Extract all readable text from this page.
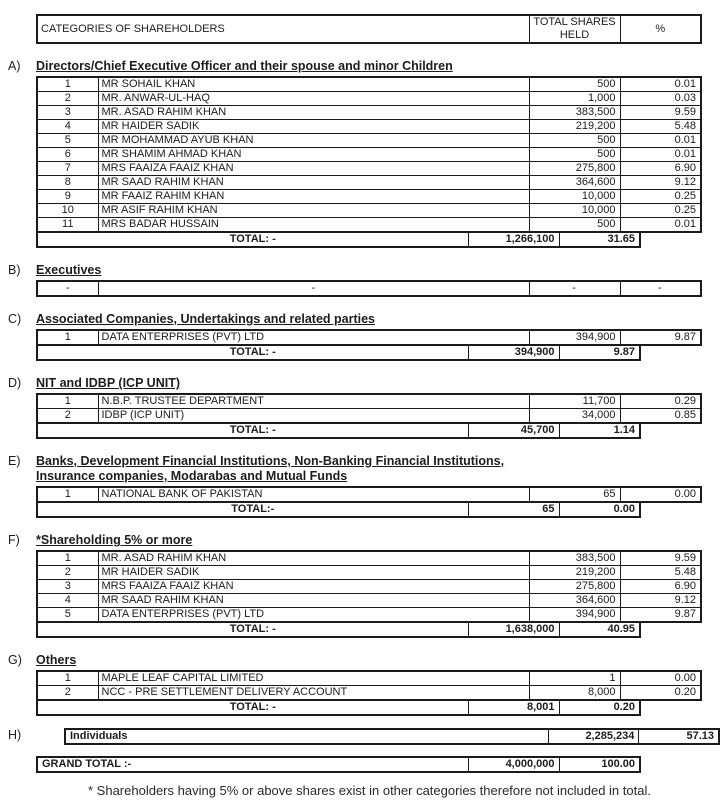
CATEGORIES OF SHAREHOLDERS	TOTAL SHARES HELD	%
A)	Directors/Chief Executive Officer and their spouse and minor Children
1	MR SOHAIL KHAN	500	0.01
2	MR. ANWAR-UL-HAQ	1,000	0.03
3	MR. ASAD RAHIM KHAN	383,500	9.59
4	MR HAIDER SADIK	219,200	5.48
5	MR MOHAMMAD AYUB KHAN	500	0.01
6	MR SHAMIM AHMAD KHAN	500	0.01
7	MRS FAAIZA FAAIZ KHAN	275,800	6.90
8	MR SAAD RAHIM KHAN	364,600	9.12
9	MR FAAIZ RAHIM KHAN	10,000	0.25
10	MR ASIF RAHIM KHAN	10,000	0.25
11	MRS BADAR HUSSAIN	500	0.01
TOTAL: -	1,266,100	31.65
B)	Executives
-	-	-	-
C)	Associated Companies, Undertakings and related parties
1	DATA ENTERPRISES (PVT) LTD	394,900	9.87
TOTAL: -	394,900	9.87
D)	NIT and IDBP (ICP UNIT)
1	N.B.P. TRUSTEE DEPARTMENT	11,700	0.29
2	IDBP (ICP UNIT)	34,000	0.85
TOTAL: -	45,700	1.14
E)	Banks, Development Financial Institutions, Non-Banking Financial Institutions,
Insurance companies, Modarabas and Mutual Funds
1	NATIONAL BANK OF PAKISTAN	65	0.00
TOTAL:-	65	0.00
F)	*Shareholding 5% or more
1	MR. ASAD RAHIM KHAN	383,500	9.59
2	MR HAIDER SADIK	219,200	5.48
3	MRS FAAIZA FAAIZ KHAN	275,800	6.90
4	MR SAAD RAHIM KHAN	364,600	9.12
5	DATA ENTERPRISES (PVT) LTD	394,900	9.87
TOTAL: -	1,638,000	40.95
G)	Others
1	MAPLE LEAF CAPITAL LIMITED	1	0.00
2	NCC - PRE SETTLEMENT DELIVERY ACCOUNT	8,000	0.20
TOTAL: -	8,001	0.20
H)	Individuals	2,285,234	57.13
GRAND TOTAL :-	4,000,000	100.00
* Shareholders having 5% or above shares exist in other categories therefore not included in total.
